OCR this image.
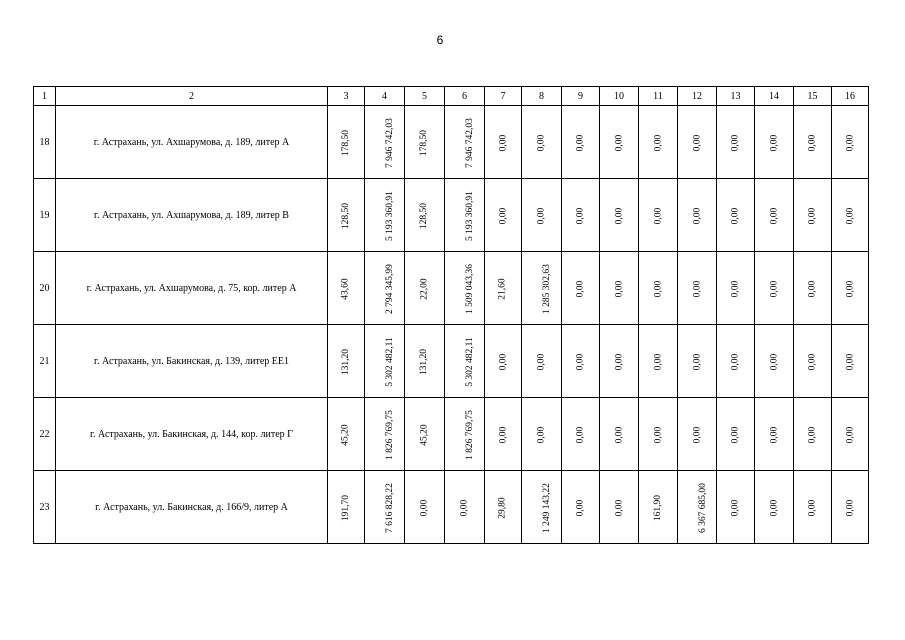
6
1	2	3	4	5	6	7	8	9	10	11	12	13	14	15	16
18	г. Астрахань, ул. Ахшарумова, д. 189, литер А	178,50	7 946 742,03	178,50	7 946 742,03	0,00	0,00	0,00	0,00	0,00	0,00	0,00	0,00	0,00	0,00
19	г. Астрахань, ул. Ахшарумова, д. 189, литер В	128,50	5 193 360,91	128,50	5 193 360,91	0,00	0,00	0,00	0,00	0,00	0,00	0,00	0,00	0,00	0,00
20	г. Астрахань, ул. Ахшарумова, д. 75, кор. литер А	43,60	2 794 345,99	22,00	1 509 043,36	21,60	1 285 302,63	0,00	0,00	0,00	0,00	0,00	0,00	0,00	0,00
21	г. Астрахань, ул. Бакинская, д. 139, литер ЕЕ1	131,20	5 302 482,11	131,20	5 302 482,11	0,00	0,00	0,00	0,00	0,00	0,00	0,00	0,00	0,00	0,00
22	г. Астрахань, ул. Бакинская, д. 144, кор. литер Г	45,20	1 826 769,75	45,20	1 826 769,75	0,00	0,00	0,00	0,00	0,00	0,00	0,00	0,00	0,00	0,00
23	г. Астрахань, ул. Бакинская, д. 166/9, литер А	191,70	7 616 828,22	0,00	0,00	29,80	1 249 143,22	0,00	0,00	161,90	6 367 685,00	0,00	0,00	0,00	0,00
